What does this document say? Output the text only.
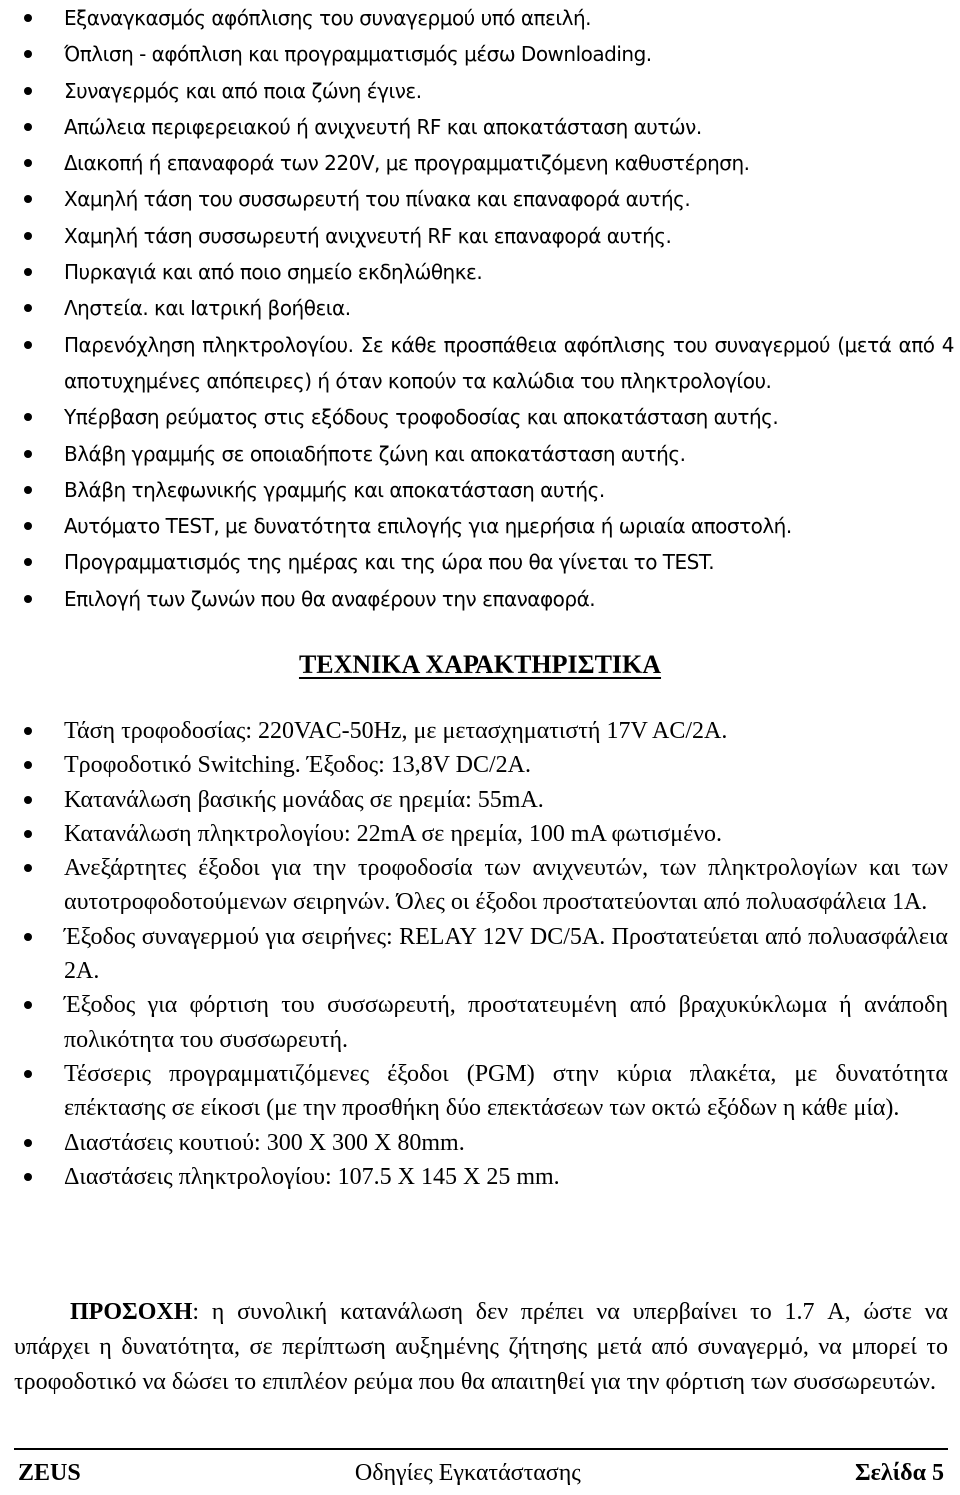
Εξαναγκασμός αφόπλισης του συναγερμού υπό απειλή.
Όπλιση - αφόπλιση και προγραμματισμός μέσω Downloading.
Συναγερμός και από ποια ζώνη έγινε.
Απώλεια περιφερειακού ή ανιχνευτή RF και αποκατάσταση αυτών.
Διακοπή ή επαναφορά των 220V, με προγραμματιζόμενη καθυστέρηση.
Χαμηλή τάση του συσσωρευτή του πίνακα και επαναφορά αυτής.
Χαμηλή τάση συσσωρευτή ανιχνευτή RF και επαναφορά αυτής.
Πυρκαγιά και από ποιο σημείο εκδηλώθηκε.
Ληστεία. και Ιατρική βοήθεια.
Παρενόχληση πληκτρολογίου. Σε κάθε προσπάθεια αφόπλισης του συναγερμού (μετά από 4 αποτυχημένες απόπειρες) ή όταν κοπούν τα καλώδια του πληκτρολογίου.
Υπέρβαση ρεύματος στις εξόδους τροφοδοσίας και αποκατάσταση αυτής.
Βλάβη γραμμής σε οποιαδήποτε ζώνη και αποκατάσταση αυτής.
Βλάβη τηλεφωνικής γραμμής και αποκατάσταση αυτής.
Αυτόματο TEST, με δυνατότητα επιλογής για ημερήσια ή ωριαία αποστολή.
Προγραμματισμός της ημέρας και της ώρα που θα γίνεται το TEST.
Επιλογή των ζωνών που θα αναφέρουν την επαναφορά.
ΤΕΧΝΙΚΑ ΧΑΡΑΚΤΗΡΙΣΤΙΚΑ
Τάση τροφοδοσίας: 220VAC-50Hz, με μετασχηματιστή 17V AC/2A.
Τροφοδοτικό Switching. Έξοδος: 13,8V DC/2A.
Κατανάλωση βασικής μονάδας σε ηρεμία: 55mA.
Κατανάλωση πληκτρολογίου: 22mA σε ηρεμία, 100 mA φωτισμένο.
Ανεξάρτητες έξοδοι για την τροφοδοσία των ανιχνευτών, των πληκτρολογίων και των αυτοτροφοδοτούμενων σειρηνών. Όλες οι έξοδοι προστατεύονται από πολυασφάλεια 1A.
Έξοδος συναγερμού για σειρήνες: RELAY 12V DC/5A. Προστατεύεται από πολυασφάλεια 2A.
Έξοδος για φόρτιση του συσσωρευτή, προστατευμένη από βραχυκύκλωμα ή ανάποδη πολικότητα του συσσωρευτή.
Τέσσερις προγραμματιζόμενες έξοδοι (PGM) στην κύρια πλακέτα, με δυνατότητα επέκτασης σε είκοσι (με την προσθήκη δύο επεκτάσεων των οκτώ εξόδων η κάθε μία).
Διαστάσεις κουτιού: 300 X 300 X 80mm.
Διαστάσεις πληκτρολογίου: 107.5 X 145 X 25 mm.
ΠΡΟΣΟΧΗ: η συνολική κατανάλωση δεν πρέπει να υπερβαίνει το 1.7 A, ώστε να υπάρχει η δυνατότητα, σε περίπτωση αυξημένης ζήτησης μετά από συναγερμό, να μπορεί το τροφοδοτικό να δώσει το επιπλέον ρεύμα που θα απαιτηθεί για την φόρτιση των συσσωρευτών.
ZEUS	Οδηγίες Εγκατάστασης	Σελίδα 5
